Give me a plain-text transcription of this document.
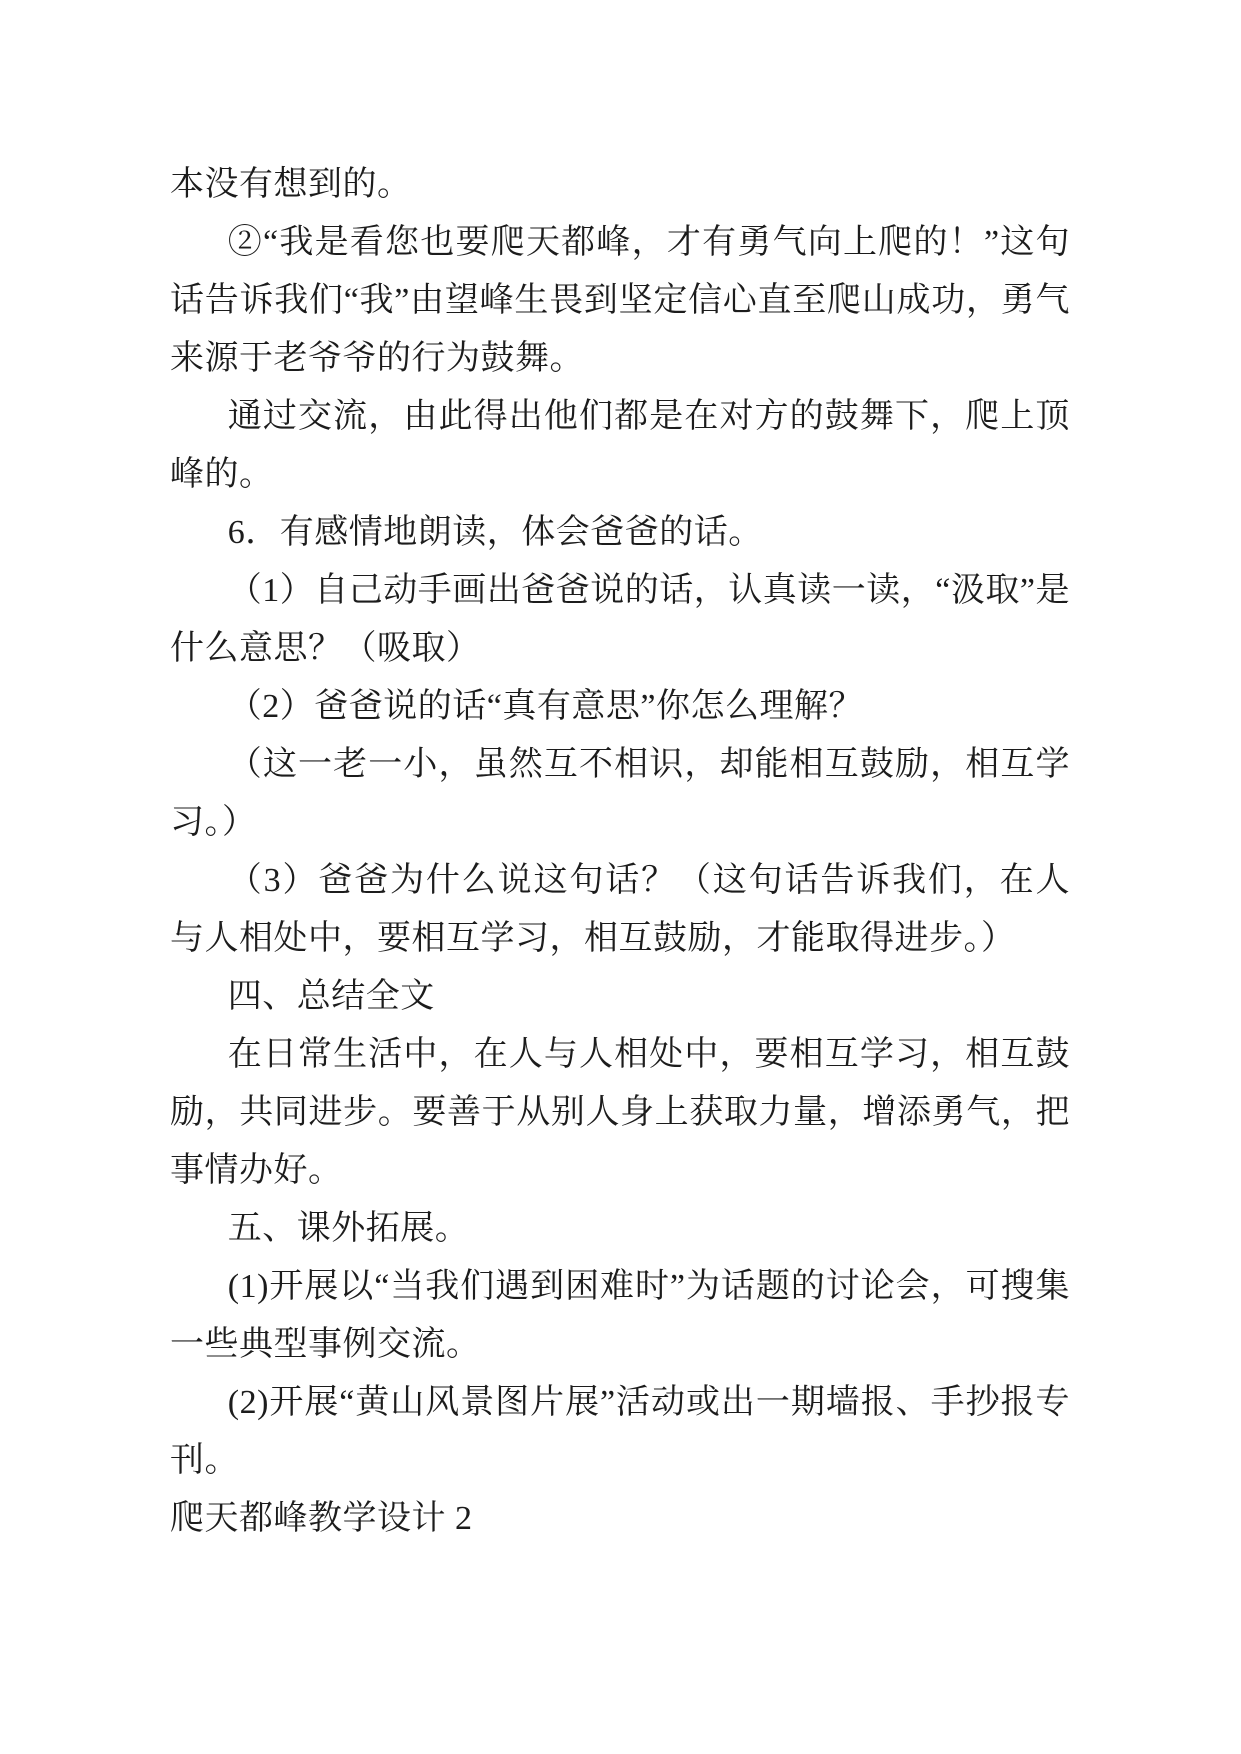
本没有想到的。

②“我是看您也要爬天都峰，才有勇气向上爬的！”这句话告诉我们“我”由望峰生畏到坚定信心直至爬山成功，勇气来源于老爷爷的行为鼓舞。

通过交流，由此得出他们都是在对方的鼓舞下，爬上顶峰的。

6．有感情地朗读，体会爸爸的话。

（1）自己动手画出爸爸说的话，认真读一读，“汲取”是什么意思？（吸取）

（2）爸爸说的话“真有意思”你怎么理解？

（这一老一小，虽然互不相识，却能相互鼓励，相互学习。）

（3）爸爸为什么说这句话？（这句话告诉我们，在人与人相处中，要相互学习，相互鼓励，才能取得进步。）

四、总结全文

在日常生活中，在人与人相处中，要相互学习，相互鼓励，共同进步。要善于从别人身上获取力量，增添勇气，把事情办好。

五、课外拓展。

(1)开展以“当我们遇到困难时”为话题的讨论会，可搜集一些典型事例交流。

(2)开展“黄山风景图片展”活动或出一期墙报、手抄报专刊。

爬天都峰教学设计 2
